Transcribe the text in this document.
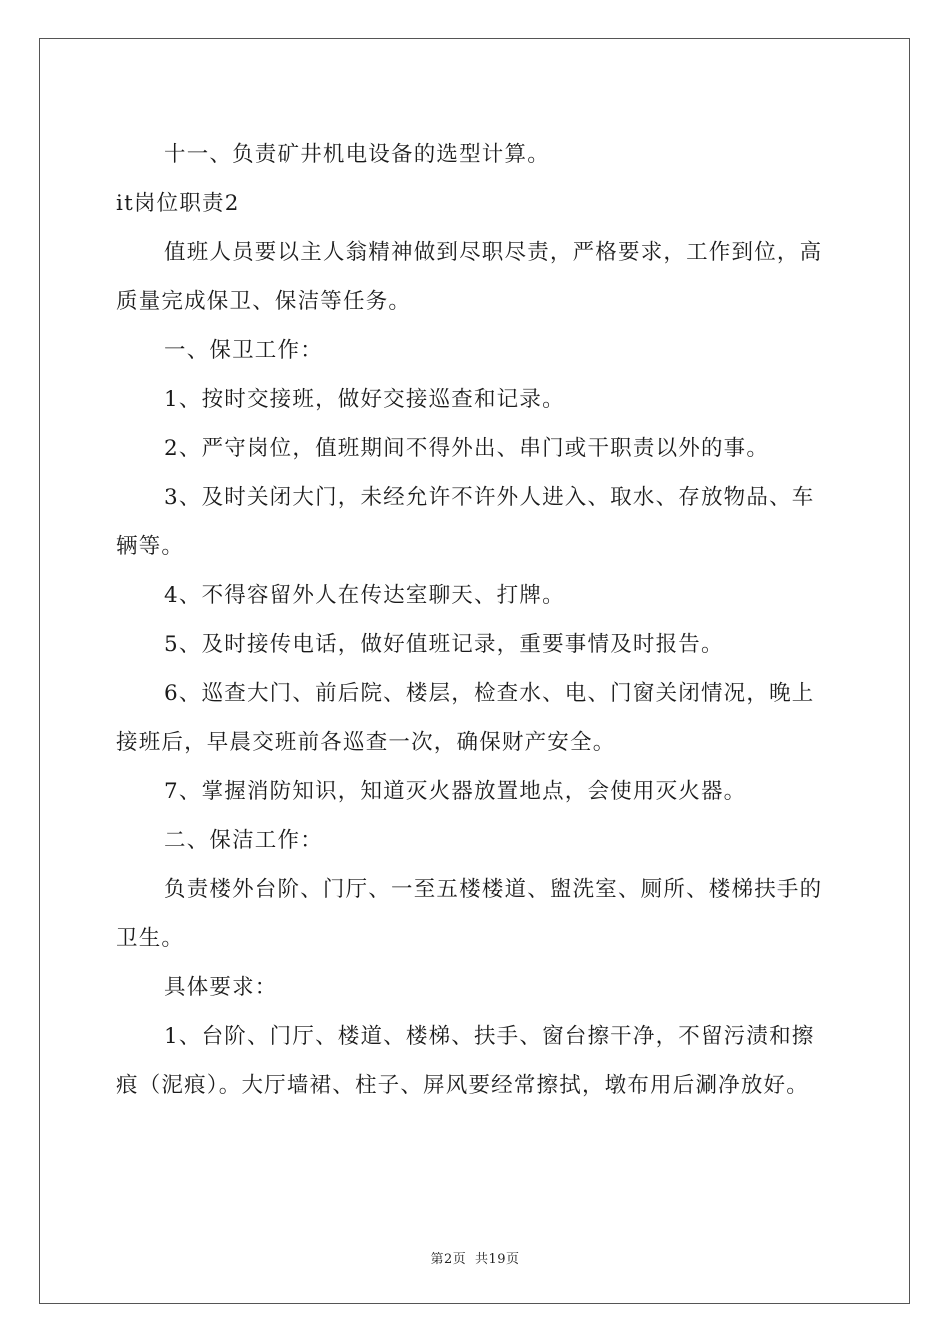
十一、负责矿井机电设备的选型计算。

it岗位职责2

值班人员要以主人翁精神做到尽职尽责，严格要求，工作到位，高质量完成保卫、保洁等任务。

一、保卫工作：

1、按时交接班，做好交接巡查和记录。

2、严守岗位，值班期间不得外出、串门或干职责以外的事。

3、及时关闭大门，未经允许不许外人进入、取水、存放物品、车辆等。

4、不得容留外人在传达室聊天、打牌。

5、及时接传电话，做好值班记录，重要事情及时报告。

6、巡查大门、前后院、楼层，检查水、电、门窗关闭情况，晚上接班后，早晨交班前各巡查一次，确保财产安全。

7、掌握消防知识，知道灭火器放置地点，会使用灭火器。

二、保洁工作：

负责楼外台阶、门厅、一至五楼楼道、盥洗室、厕所、楼梯扶手的卫生。

具体要求：

1、台阶、门厅、楼道、楼梯、扶手、窗台擦干净，不留污渍和擦痕（泥痕）。大厅墙裙、柱子、屏风要经常擦拭，墩布用后涮净放好。

第2页 共19页
